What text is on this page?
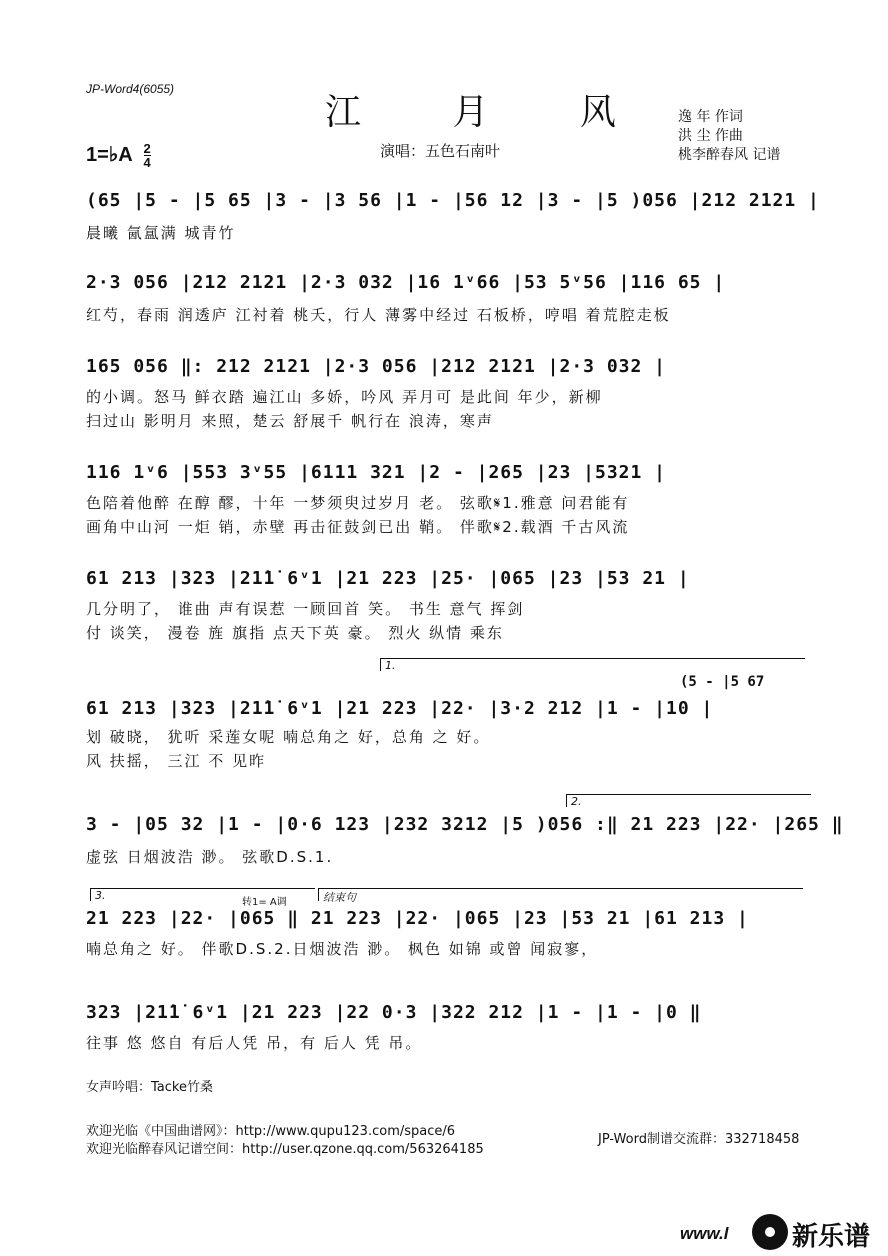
JP-Word4(6055)
江 月 风
1=♭A $\frac{2}{4}$	演唱：五色石南叶
逸 年 作词
洪 尘 作曲
桃李醉春风 记谱
(65 |5 - |5 65 |3 - |3 56 |1 - |56 12 |3 - |5 )056 |212 2121 |
晨曦 氤氲满 城青竹
2·3 056 |212 2121 |2·3 032 |16 1ᵛ66 |53 5ᵛ56 |116 65 |
红芍，春雨 润透庐 江衬着 桃夭，行人 薄雾中经过 石板桥，哼唱 着荒腔走板
165 056 ‖: 212 2121 |2·3 056 |212 2121 |2·3 032 |
的小调。怒马 鲜衣踏 遍江山 多娇，吟风 弄月可 是此间 年少，新柳
扫过山 影明月 来照，楚云 舒展千 帆行在 浪涛，寒声
116 1ᵛ6 |553 3ᵛ55 |6111 321 |2 - |265 |23 |5321 |
色陪着他醉 在醇 醪，十年 一梦须臾过岁月 老。 弦歌𝄋1.雅意 问君能有
画角中山河 一炬 销，赤壁 再击征鼓剑已出 鞘。 伴歌𝄋2.载酒 千古风流
61 213 |323 |21̇1̇ 6ᵛ1 |21 223 |25· |065 |23 |53 21 |
几分明了， 谁曲 声有误惹 一顾回首 笑。 书生 意气 挥剑
付 谈笑， 漫卷 旌 旗指 点天下英 豪。 烈火 纵情 乘东
1.
(5 - |5 67
61 213 |323 |21̇1̇ 6ᵛ1 |21 223 |22· |3·2 212 |1 - |10 |
划 破晓， 犹听 采莲女呢 喃总角之 好，总角 之 好。
风 扶摇， 三江 不 见昨
2.
3 - |05 32 |1 - |0·6 123 |232 3212 |5 )056 :‖ 21 223 |22· |265 ‖
虚弦 日烟波浩 渺。 弦歌D.S.1.
3.
转1= A调	结束句
21 223 |22· |065 ‖ 21 223 |22· |065 |23 |53 21 |61 213 |
喃总角之 好。 伴歌D.S.2.日烟波浩 渺。 枫色 如锦 或曾 闻寂寥，
323 |21̇1̇ 6ᵛ1 |21 223 |22 0·3 |322 212 |1 - |1 - |0 ‖
往事 悠 悠自 有后人凭 吊，有 后人 凭 吊。
女声吟唱：Tacke竹桑
欢迎光临《中国曲谱网》：http://www.qupu123.com/space/6
欢迎光临醉春风记谱空间：http://user.qzone.qq.com/563264185
JP-Word制谱交流群：332718458
www.l 新乐谱
